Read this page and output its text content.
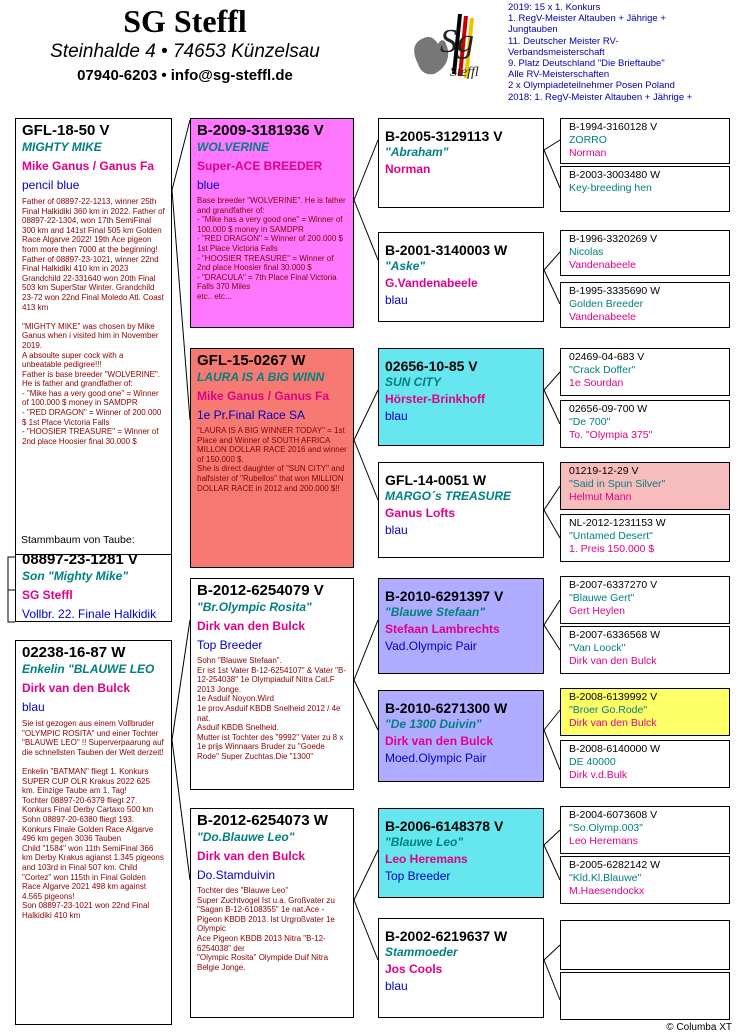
SG Steffl
Steinhalde 4 • 74653 Künzelsau
07940-6203 • info@sg-steffl.de
Sg
Steffl
2019: 15 x 1. Konkurs
1. RegV-Meister Altauben + Jährige +
Jungtauben
11. Deutscher Meister RV-
Verbandsmeisterschaft
9. Platz Deutschland "Die Brieftaube"
Alle RV-Meisterschaften
2 x Olympiadeteilnehmer Posen Poland
2018: 1. RegV-Meister Altauben + Jährige +
GFL-18-50 V
MIGHTY MIKE
Mike Ganus / Ganus Fa
pencil blue
Father of 08897-22-1213, winner 25th Final Halkidiki 360 km in 2022. Father of 08897-22-1304, won 17th SemiFinal 300 km and 141st Final 505 km Golden Race Algarve 2022! 19th Ace pigeon from more then 7000 at the beginning! Father of 08897-23-1021, winner 22nd Final Halkidiki 410 km in 2023 Grandchild 22-331640 won 20th Final 503 km SuperStar Winter. Grandchild 23-72 won 22nd Final Moledo Atl. Coast 413 km

"MIGHTY MIKE" was chosen by Mike Ganus when i visited him in November 2019.
A absoulte super cock with a unbeatable pedigree!!!
Father is base breeder "WOLVERINE". He is father and grandfather of:
- "Mike has a very good one" = Winner of 100.000 $ money in SAMDPR
- "RED DRAGON" = Winner of 200.000 $ 1st Place Victoria Falls
- "HOOSIER TREASURE" = Winner of 2nd place Hoosier final 30.000 $
Stammbaum von Taube:
08897-23-1281 V
Son "Mighty Mike"
SG Steffl
Vollbr. 22. Finale Halkidik
02238-16-87 W
Enkelin "BLAUWE LEO
Dirk van den Bulck
blau
Sie ist gezogen aus einem Vollbruder "OLYMPIC ROSITA" und einer Tochter "BLAUWE LEO" !! Superverpaarung auf die schnellsten Tauben der Welt derzeit!

Enkelin "BATMAN" fliegt 1. Konkurs SUPER CUP OLR Krakus 2022 625 km. Einzige Taube am 1. Tag!
Tochter 08897-20-6379 fliegt 27. Konkurs Final Derby Cartaxo 500 km Sohn 08897-20-6380 fliegt 193. Konkurs Finale Golden Race Algarve 496 km gegen 3036 Tauben
Child "1584" won 11th SemiFinal 366 km Derby Krakus agianst 1.345 pigeons and 103rd in Final 507 km. Child "Cortez" won 115th in Final Golden Race Algarve 2021 498 km against 4.565 pigeons!
Son 08897-23-1021 won 22nd Final Halkidiki 410 km
B-2009-3181936 V
WOLVERINE
Super-ACE BREEDER
blue
Base breeder "WOLVERINE". He is father and grandfather of:
- "Mike has a very good one" = Winner of 100.000 $ money in SAMDPR
- "RED DRAGON" = Winner of 200.000 $ 1st Place Victoria Falls
- "HOOSIER TREASURE" = Winner of 2nd place Hoosier final 30.000 $
- "DRACULA" = 7th Place Final Victoria Falls 370 Miles
etc.. etc...
GFL-15-0267 W
LAURA IS A BIG WINN
Mike Ganus / Ganus Fa
1e Pr.Final Race SA
"LAURA IS A BIG WINNER TODAY" = 1st Place and Winner of SOUTH AFRICA MILLON DOLLAR RACE 2016 and winner of 150.000 $.
She is direct daughter of "SUN CITY" and halfsister of "Rubellos" that won MILLION DOLLAR RACE in 2012 and 200.000 $!!
B-2012-6254079 V
"Br.Olympic Rosita"
Dirk van den Bulck
Top Breeder
Sohn "Blauwe Stefaan".
Er ist 1st Vater B-12-6254107" & Vater "B-12-254038" 1e Olympiaduif Nitra Cat.F 2013 Jonge.
1e Asduif Noyon.Wird
1e prov.Asduif KBDB Snelheid 2012 / 4e nat.
Asduif KBDB Snelheid.
Mutter ist Tochter des "9992" Vater zu 8 x 1e prijs Winnaars Bruder zu "Goede Rode" Super Zuchtas.Die "1300"
B-2012-6254073 W
"Do.Blauwe Leo"
Dirk van den Bulck
Do.Stamduivin
Tochter des "Blauwe Leo"
Super Zuchtvogel Ist u.a. Großvater zu "Sagan B-12-6108355" 1e nat.Ace - Pigeon KBDB 2013. Ist Urgroßvater 1e Olympic
Ace Pigeon KBDB 2013 Nitra "B-12-6254038" der
"Olympic Rosita" Olympide Duif Nitra Belgie Jonge.
B-2005-3129113 V
"Abraham"
Norman
B-2001-3140003 W
"Aske"
G.Vandenabeele
blau
02656-10-85 V
SUN CITY
Hörster-Brinkhoff
blau
GFL-14-0051 W
MARGO´s TREASURE
Ganus Lofts
blau
B-2010-6291397 V
"Blauwe Stefaan"
Stefaan Lambrechts
Vad.Olympic Pair
B-2010-6271300 W
"De 1300 Duivin"
Dirk van den Bulck
Moed.Olympic Pair
B-2006-6148378 V
"Blauwe Leo"
Leo Heremans
Top Breeder
B-2002-6219637 W
Stammoeder
Jos Cools
blau
B-1994-3160128 V
ZORRO
Norman
B-2003-3003480 W
Key-breeding hen
B-1996-3320269 V
Nicolas
Vandenabeele
B-1995-3335690 W
Golden Breeder
Vandenabeele
02469-04-683 V
"Crack Doffer"
1e Sourdan
02656-09-700 W
"De 700"
To. "Olympia 375"
01219-12-29 V
"Said in Spun Silver"
Helmut Mann
NL-2012-1231153 W
"Untamed Desert"
1. Preis 150.000 $
B-2007-6337270 V
"Blauwe Gert"
Gert Heylen
B-2007-6336568 W
"Van Loock"
Dirk van den Bulck
B-2008-6139992 V
"Broer Go.Rode"
Dirk van den Bulck
B-2008-6140000 W
DE 40000
Dirk v.d.Bulk
B-2004-6073608 V
"So.Olymp.003"
Leo Heremans
B-2005-6282142 W
"Kld.Kl.Blauwe"
M.Haesendockx
© Columba XT
